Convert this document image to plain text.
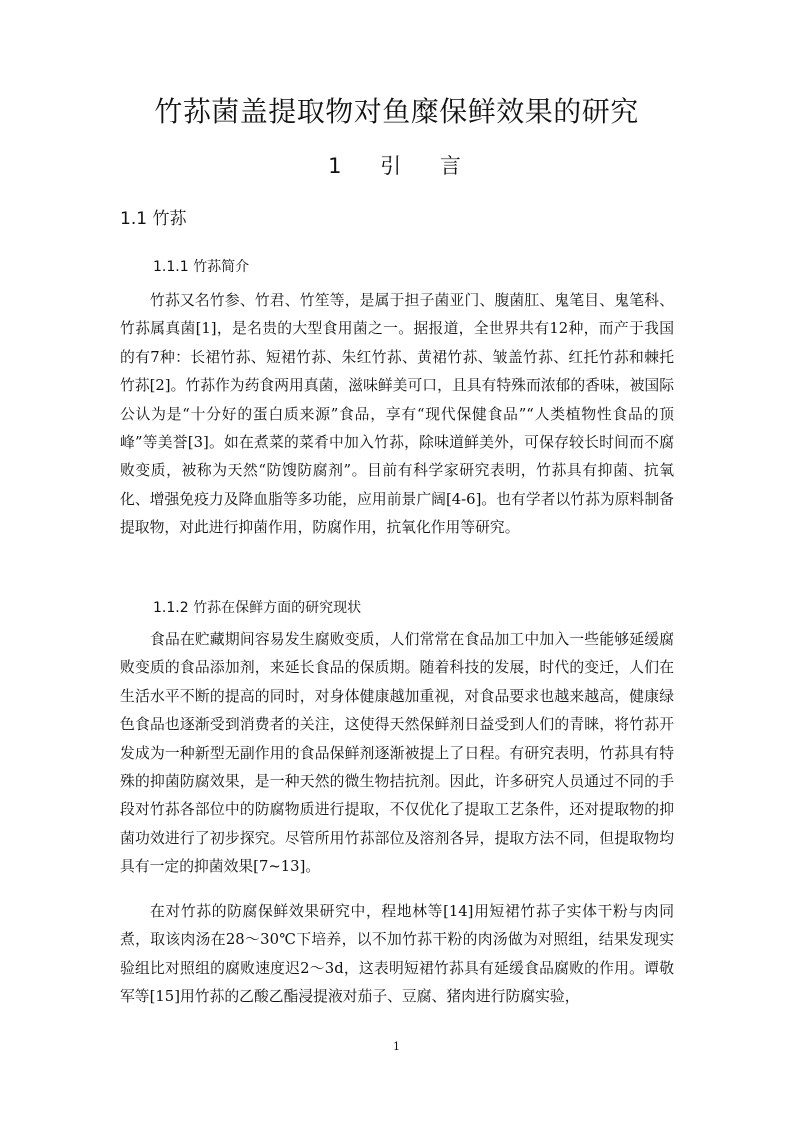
竹荪菌盖提取物对鱼糜保鲜效果的研究
1 引 言
1.1 竹荪
1.1.1 竹荪简介

竹荪又名竹参、竹君、竹笙等，是属于担子菌亚门、腹菌肛、鬼笔目、鬼笔科、竹荪属真菌[1]，是名贵的大型食用菌之一。据报道，全世界共有12种，而产于我国的有7种：长裙竹荪、短裙竹荪、朱红竹荪、黄裙竹荪、皱盖竹荪、红托竹荪和棘托竹荪[2]。竹荪作为药食两用真菌，滋味鲜美可口，且具有特殊而浓郁的香味，被国际公认为是“十分好的蛋白质来源”食品，享有“现代保健食品”“人类植物性食品的顶峰”等美誉[3]。如在煮菜的菜肴中加入竹荪，除味道鲜美外，可保存较长时间而不腐败变质，被称为天然“防馊防腐剂”。目前有科学家研究表明，竹荪具有抑菌、抗氧化、增强免疫力及降血脂等多功能，应用前景广阔[4-6]。也有学者以竹荪为原料制备提取物，对此进行抑菌作用，防腐作用，抗氧化作用等研究。

1.1.2 竹荪在保鲜方面的研究现状

食品在贮藏期间容易发生腐败变质，人们常常在食品加工中加入一些能够延缓腐败变质的食品添加剂，来延长食品的保质期。随着科技的发展，时代的变迁，人们在生活水平不断的提高的同时，对身体健康越加重视，对食品要求也越来越高，健康绿色食品也逐渐受到消费者的关注，这使得天然保鲜剂日益受到人们的青睐，将竹荪开发成为一种新型无副作用的食品保鲜剂逐渐被提上了日程。有研究表明，竹荪具有特殊的抑菌防腐效果，是一种天然的微生物拮抗剂。因此，许多研究人员通过不同的手段对竹荪各部位中的防腐物质进行提取，不仅优化了提取工艺条件，还对提取物的抑菌功效进行了初步探究。尽管所用竹荪部位及溶剂各异，提取方法不同，但提取物均具有一定的抑菌效果[7~13]。

在对竹荪的防腐保鲜效果研究中，程地林等[14]用短裙竹荪子实体干粉与肉同煮，取该肉汤在28～30℃下培养，以不加竹荪干粉的肉汤做为对照组，结果发现实验组比对照组的腐败速度迟2～3d，这表明短裙竹荪具有延缓食品腐败的作用。谭敬军等[15]用竹荪的乙酸乙酯浸提液对茄子、豆腐、猪肉进行防腐实验，

1
